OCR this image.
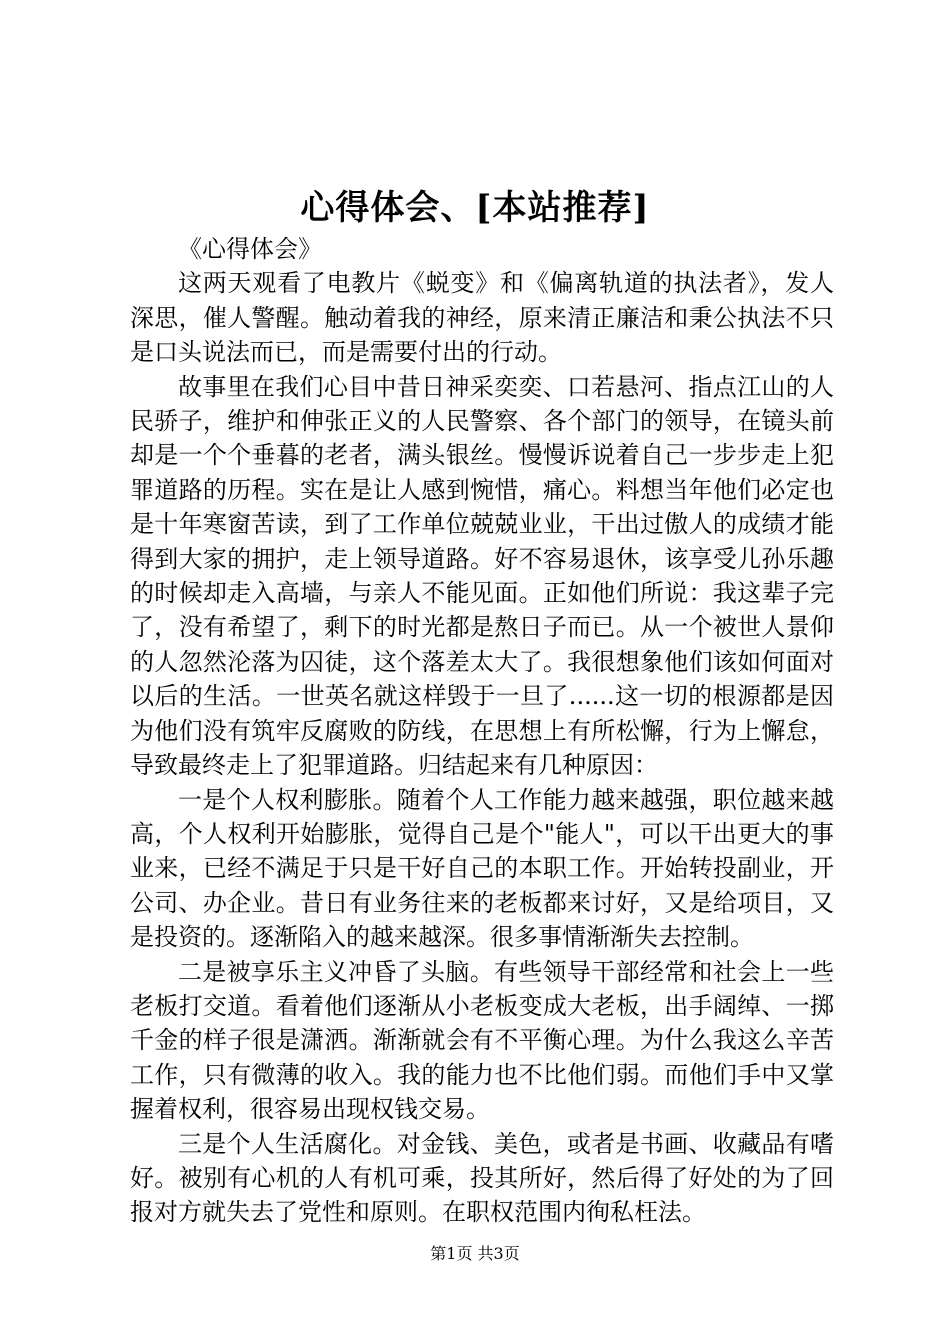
心得体会、[本站推荐]

《心得体会》

这两天观看了电教片《蜕变》和《偏离轨道的执法者》，发人深思，催人警醒。触动着我的神经，原来清正廉洁和秉公执法不只是口头说法而已，而是需要付出的行动。

故事里在我们心目中昔日神采奕奕、口若悬河、指点江山的人民骄子，维护和伸张正义的人民警察、各个部门的领导，在镜头前却是一个个垂暮的老者，满头银丝。慢慢诉说着自己一步步走上犯罪道路的历程。实在是让人感到惋惜，痛心。料想当年他们必定也是十年寒窗苦读，到了工作单位兢兢业业，干出过傲人的成绩才能得到大家的拥护，走上领导道路。好不容易退休，该享受儿孙乐趣的时候却走入高墙，与亲人不能见面。正如他们所说：我这辈子完了，没有希望了，剩下的时光都是熬日子而已。从一个被世人景仰的人忽然沦落为囚徒，这个落差太大了。我很想象他们该如何面对以后的生活。一世英名就这样毁于一旦了......这一切的根源都是因为他们没有筑牢反腐败的防线，在思想上有所松懈，行为上懈怠，导致最终走上了犯罪道路。归结起来有几种原因：

一是个人权利膨胀。随着个人工作能力越来越强，职位越来越高，个人权利开始膨胀，觉得自己是个"能人"，可以干出更大的事业来，已经不满足于只是干好自己的本职工作。开始转投副业，开公司、办企业。昔日有业务往来的老板都来讨好，又是给项目，又是投资的。逐渐陷入的越来越深。很多事情渐渐失去控制。

二是被享乐主义冲昏了头脑。有些领导干部经常和社会上一些老板打交道。看着他们逐渐从小老板变成大老板，出手阔绰、一掷千金的样子很是潇洒。渐渐就会有不平衡心理。为什么我这么辛苦工作，只有微薄的收入。我的能力也不比他们弱。而他们手中又掌握着权利，很容易出现权钱交易。

三是个人生活腐化。对金钱、美色，或者是书画、收藏品有嗜好。被别有心机的人有机可乘，投其所好，然后得了好处的为了回报对方就失去了党性和原则。在职权范围内徇私枉法。

第1页 共3页
